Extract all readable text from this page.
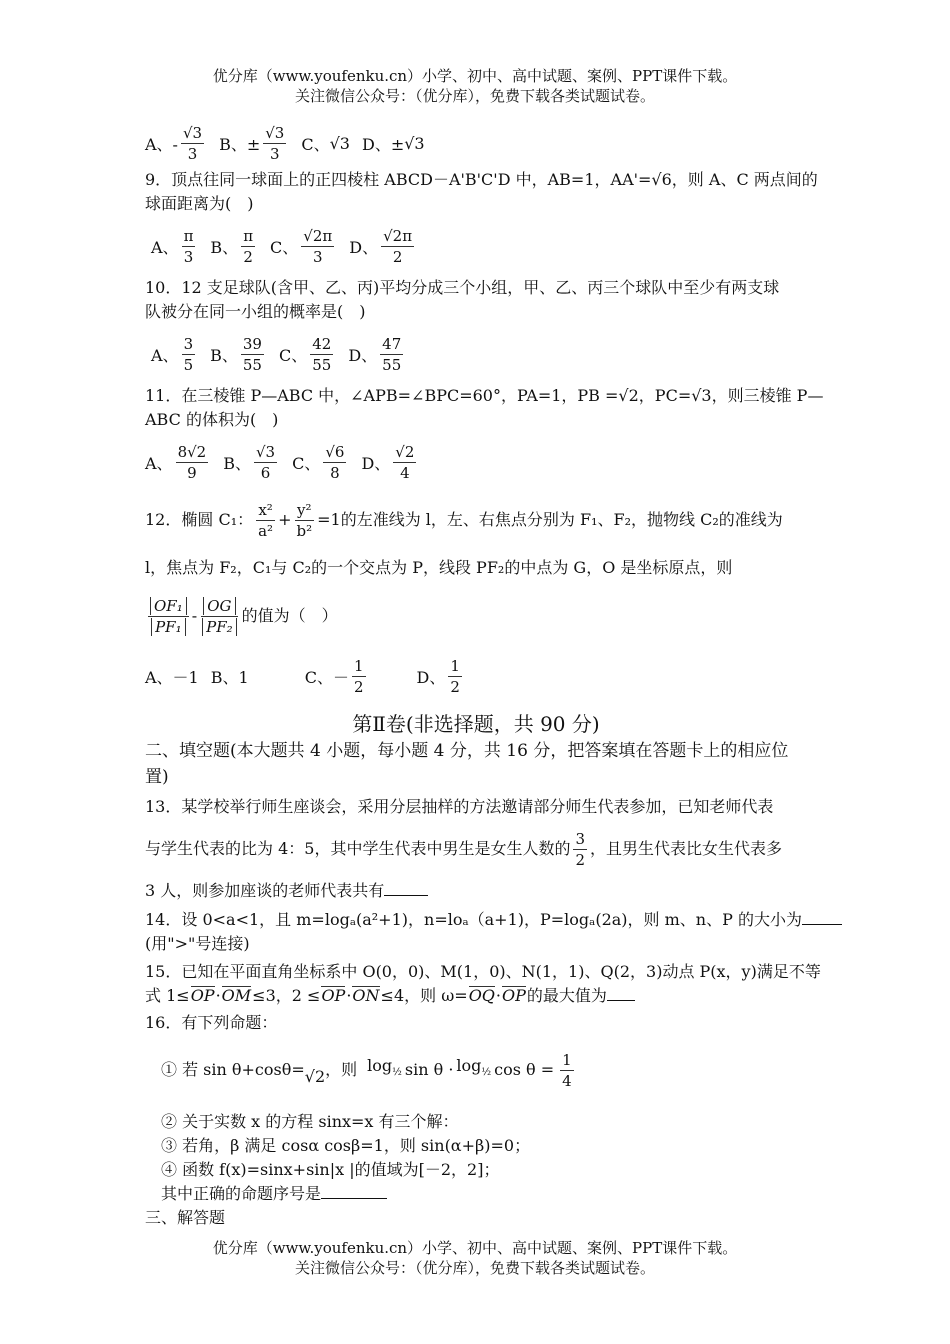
优分库（www.youfenku.cn）小学、初中、高中试题、案例、PPT课件下载。
关注微信公众号：（优分库），免费下载各类试题试卷。
A、- $\frac{√3}{3}$ B、± $\frac{√3}{3}$ C、 √3 D、± √3
9．顶点往同一球面上的正四棱柱 ABCD－A'B'C'D 中，AB=1，AA'=√6，则 A、C 两点间的
球面距离为(　)
A、 $\frac{\pi}{3}$ B、 $\frac{\pi}{2}$ C、 $\frac{√2\pi}{3}$ D、 $\frac{√2\pi}{2}$
10．12 支足球队(含甲、乙、丙)平均分成三个小组，甲、乙、丙三个球队中至少有两支球
队被分在同一小组的概率是(　)
A、 $\frac{3}{5}$ B、 $\frac{39}{55}$ C、 $\frac{42}{55}$ D、 $\frac{47}{55}$
11．在三棱锥 P—ABC 中，∠APB=∠BPC=60°，PA=1，PB =√2，PC=√3，则三棱锥 P—
ABC 的体积为(　)
A、 $\frac{8√2}{9}$ B、 $\frac{√3}{6}$ C、 $\frac{√6}{8}$ D、 $\frac{√2}{4}$
12．椭圆 C₁： $\frac{\text{x²}}{\text{a²}} + \frac{\text{y²}}{\text{b²}} =1$ 的左准线为 l，左、右焦点分别为 F₁、F₂，抛物线 C₂的准线为
l，焦点为 F₂，C₁与 C₂的一个交点为 P，线段 PF₂的中点为 G，O 是坐标原点，则
$\frac{\text{OF₁}}{\text{PF₁}} - \frac{OG}{\text{PF₂}}$ 的值为（　）
A、－1 B、1	C、－ $\frac{1}{2}$	D、 $\frac{1}{2}$
第Ⅱ卷(非选择题，共 90 分)
二、填空题(本大题共 4 小题，每小题 4 分，共 16 分，把答案填在答题卡上的相应位置)
13．某学校举行师生座谈会，采用分层抽样的方法邀请部分师生代表参加，已知老师代表
与学生代表的比为 4：5，其中学生代表中男生是女生人数的 $\frac{3}{2}$ ，且男生代表比女生代表多
3 人，则参加座谈的老师代表共有
14．设 0<a<1，且 m=logₐ(a²+1)，n=loₐ（a+1)，P=logₐ(2a)，则 m、n、P 的大小为
(用">"号连接)
15．已知在平面直角坐标系中 O(0，0)、M(1，0)、N(1，1)、Q(2，3)动点 P(x，y)满足不等
式 1≤OP·OM≤3，2 ≤OP·ON≤4，则 ω=OQ·OP的最大值为
16．有下列命题：
① 若 sin θ+cosθ= √2 ，则 $\log_{\frac{1}{2}} \sin \theta \cdot \log_{\frac{1}{2}} \cos \theta = \frac{1}{4}$
② 关于实数 x 的方程 sinx=x 有三个解：
③ 若角，β 满足 cosα cosβ=1，则 sin(α+β)=0；
④ 函数 f(x)=sinx+sin|x |的值域为[－2，2]；
其中正确的命题序号是
三、解答题
优分库（www.youfenku.cn）小学、初中、高中试题、案例、PPT课件下载。
关注微信公众号：（优分库），免费下载各类试题试卷。
